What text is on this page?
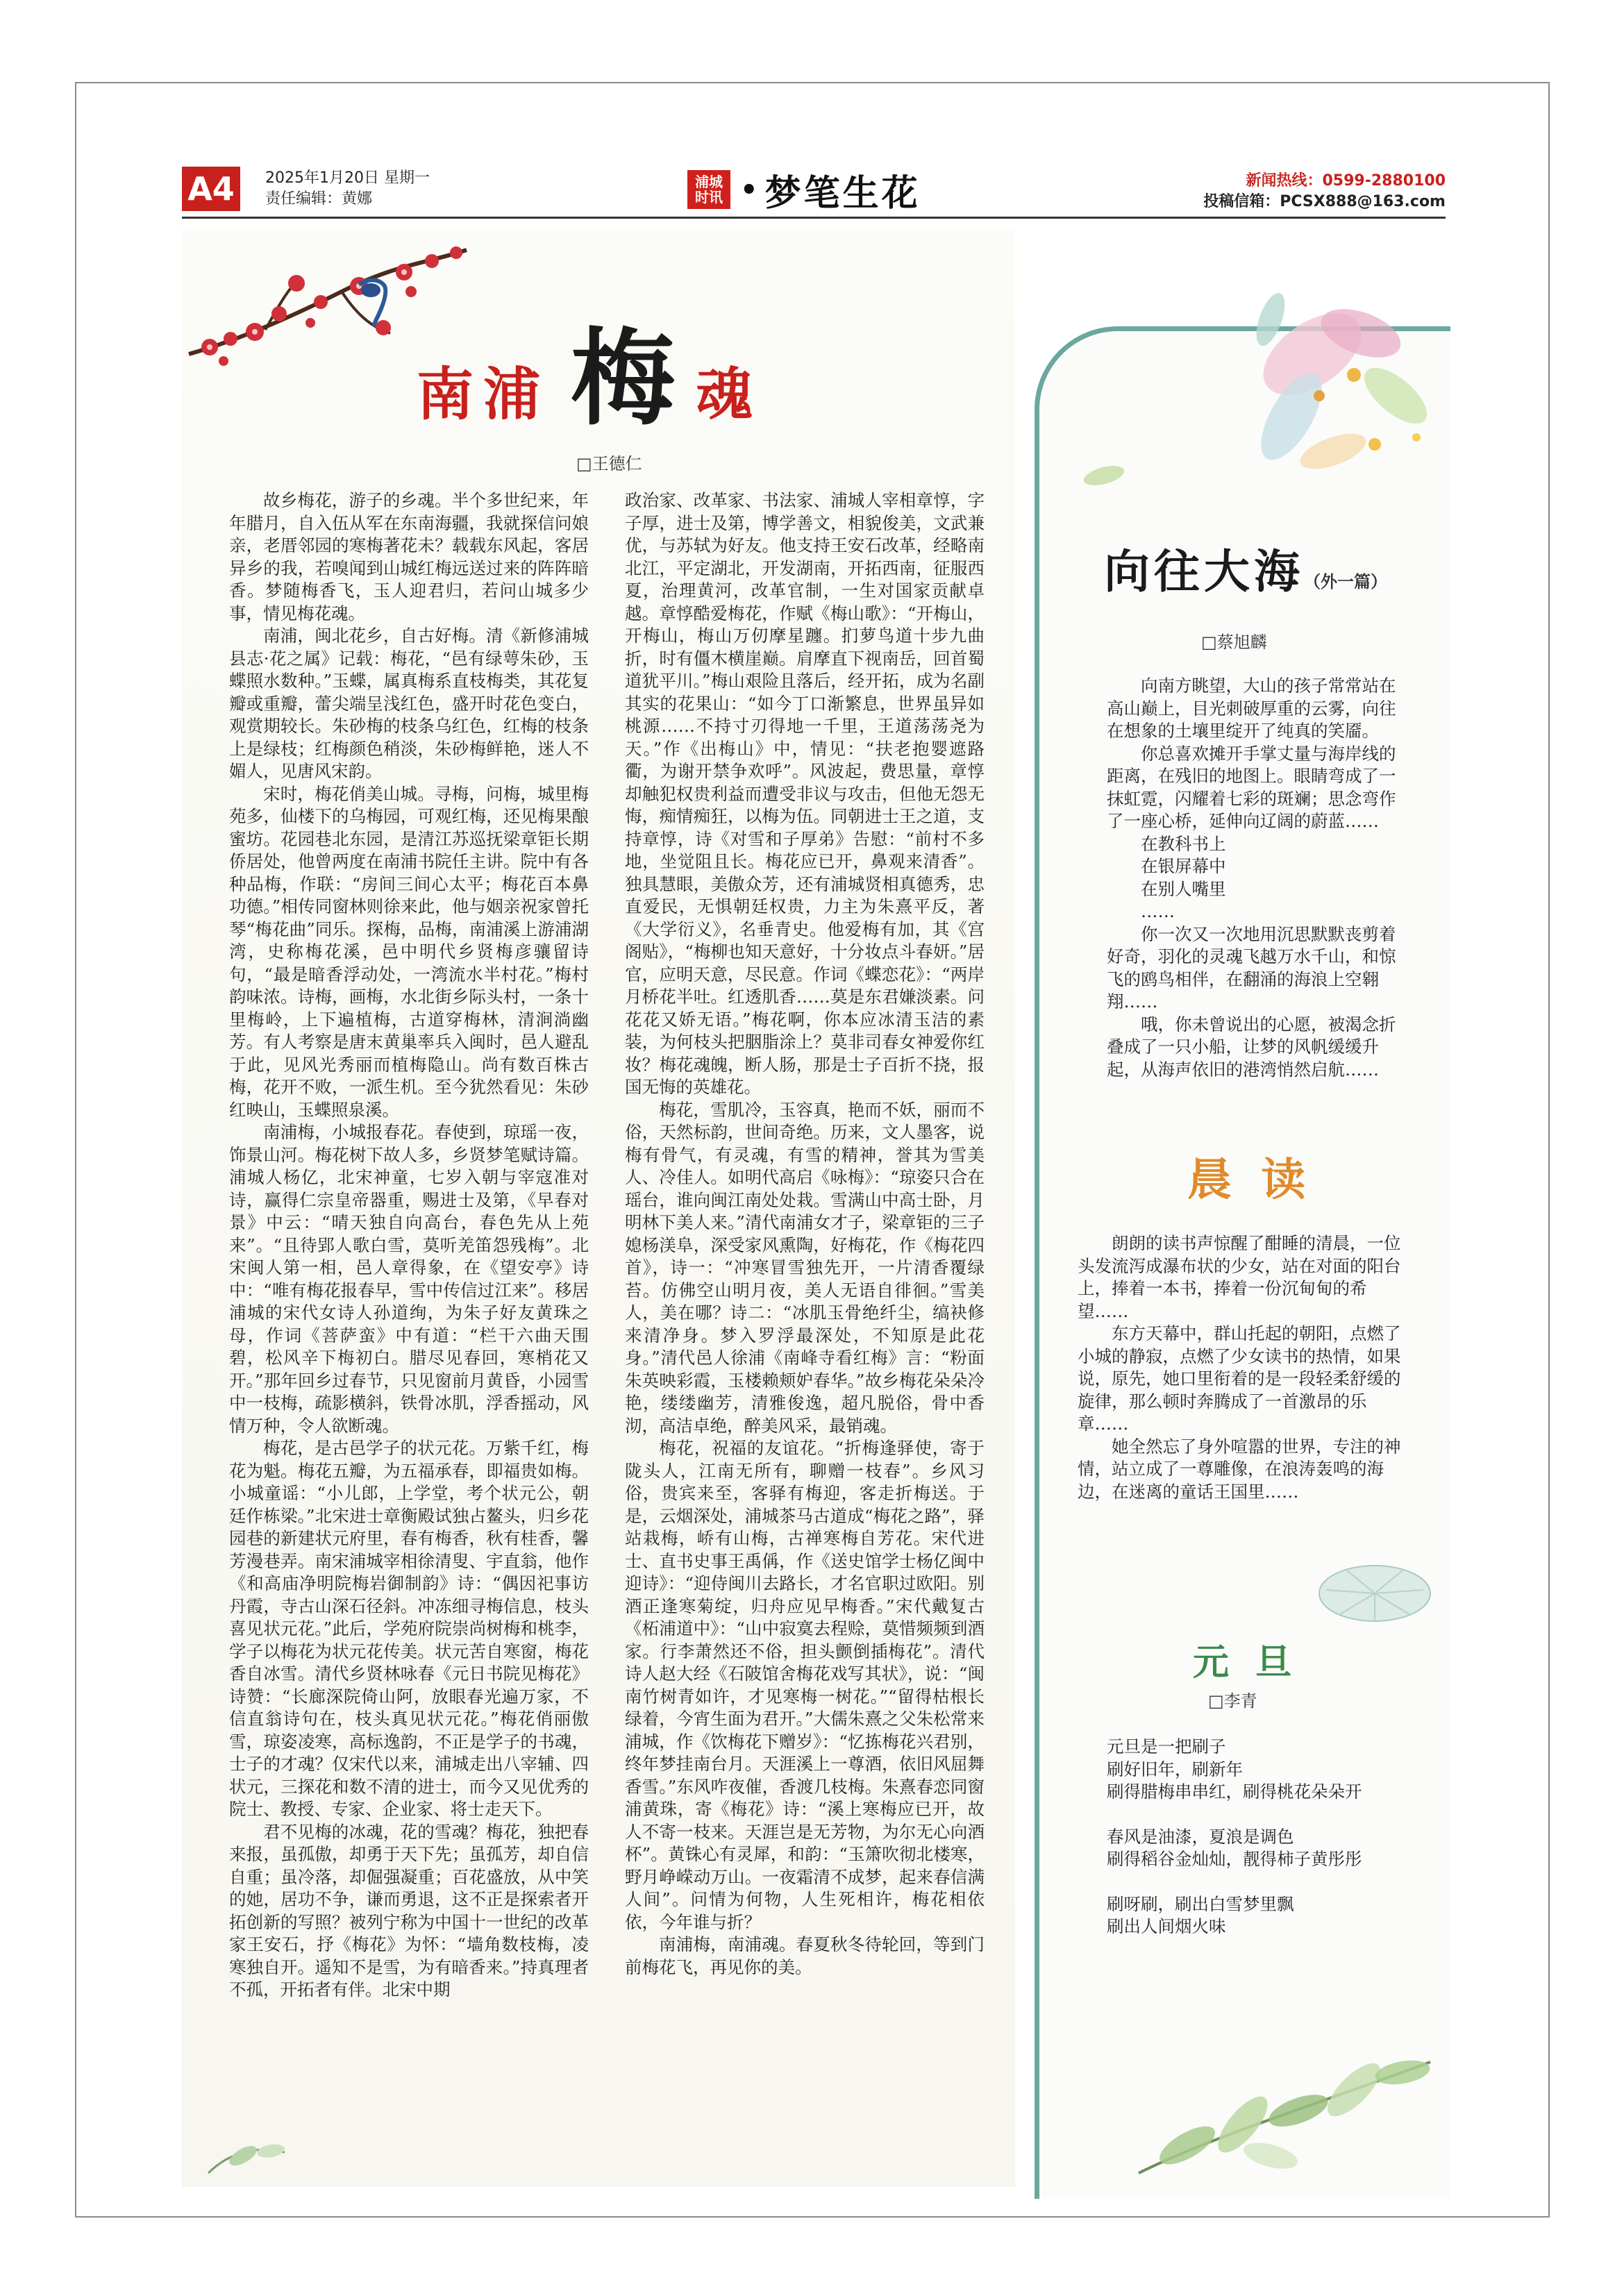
A4	2025年1月20日 星期一
责任编辑：黄娜
浦城
时讯 • 梦笔生花	新闻热线：0599-2880100
投稿信箱：PCSX888@163.com
南浦 梅 魂
□王德仁

故乡梅花，游子的乡魂。半个多世纪来，年年腊月，自入伍从军在东南海疆，我就探信问娘亲，老厝邻园的寒梅著花未？载载东风起，客居异乡的我，若嗅闻到山城红梅远送过来的阵阵暗香。梦随梅香飞，玉人迎君归，若问山城多少事，情见梅花魂。

南浦，闽北花乡，自古好梅。清《新修浦城县志·花之属》记载：梅花，“邑有绿萼朱砂，玉蝶照水数种。”玉蝶，属真梅系直枝梅类，其花复瓣或重瓣，蕾尖端呈浅红色，盛开时花色变白，观赏期较长。朱砂梅的枝条乌红色，红梅的枝条上是绿枝；红梅颜色稍淡，朱砂梅鲜艳，迷人不媚人，见唐风宋韵。

宋时，梅花俏美山城。寻梅，问梅，城里梅苑多，仙楼下的乌梅园，可观红梅，还见梅果酿蜜坊。花园巷北东园，是清江苏巡抚梁章钜长期侨居处，他曾两度在南浦书院任主讲。院中有各种品梅，作联：“房间三间心太平；梅花百本鼻功德。”相传同窗林则徐来此，他与姻亲祝家曾托琴“梅花曲”同乐。探梅，品梅，南浦溪上游浦湖湾，史称梅花溪，邑中明代乡贤梅彦骧留诗句，“最是暗香浮动处，一湾流水半村花。”梅村韵味浓。诗梅，画梅，水北街乡际头村，一条十里梅岭，上下遍植梅，古道穿梅林，清涧淌幽芳。有人考察是唐末黄巢率兵入闽时，邑人避乱于此，见风光秀丽而植梅隐山。尚有数百株古梅，花开不败，一派生机。至今犹然看见：朱砂红映山，玉蝶照泉溪。

南浦梅，小城报春花。春使到，琼瑶一夜，饰景山河。梅花树下故人多，乡贤梦笔赋诗篇。浦城人杨亿，北宋神童，七岁入朝与宰寇准对诗，赢得仁宗皇帝器重，赐进士及第，《早春对景》中云：“晴天独自向高台，春色先从上苑来”。“且待郢人歌白雪，莫听羌笛怨残梅”。北宋闽人第一相，邑人章得象，在《望安亭》诗中：“唯有梅花报春早，雪中传信过江来”。移居浦城的宋代女诗人孙道绚，为朱子好友黄珠之母，作词《菩萨蛮》中有道：“栏干六曲天围碧，松风辛下梅初白。腊尽见春回，寒梢花又开。”那年回乡过春节，只见窗前月黄昏，小园雪中一枝梅，疏影横斜，铁骨冰肌，浮香摇动，风情万种，令人欲断魂。

梅花，是古邑学子的状元花。万紫千红，梅花为魁。梅花五瓣，为五福承春，即福贵如梅。小城童谣：“小儿郎，上学堂，考个状元公，朝廷作栋梁。”北宋进士章衡殿试独占鳌头，归乡花园巷的新建状元府里，春有梅香，秋有桂香，馨芳漫巷弄。南宋浦城宰相徐清叟、宇直翁，他作《和高庙净明院梅岩御制韵》诗：“偶因祀事访丹霞，寺古山深石径斜。冲冻细寻梅信息，枝头喜见状元花。”此后，学苑府院崇尚树梅和桃李，学子以梅花为状元花传美。状元苦自寒窗，梅花香自冰雪。清代乡贤林咏春《元日书院见梅花》诗赞：“长廊深院倚山阿，放眼春光遍万家，不信直翁诗句在，枝头真见状元花。”梅花俏丽傲雪，琼姿凌寒，高标逸韵，不正是学子的书魂，士子的才魂？仅宋代以来，浦城走出八宰辅、四状元，三探花和数不清的进士，而今又见优秀的院士、教授、专家、企业家、将士走天下。

君不见梅的冰魂，花的雪魂？梅花，独把春来报，虽孤傲，却勇于天下先；虽孤芳，却自信自重；虽冷落，却倔强凝重；百花盛放，从中笑的她，居功不争，谦而勇退，这不正是探索者开拓创新的写照？被列宁称为中国十一世纪的改革家王安石，抒《梅花》为怀：“墙角数枝梅，凌寒独自开。遥知不是雪，为有暗香来。”持真理者不孤，开拓者有伴。北宋中期

政治家、改革家、书法家、浦城人宰相章惇，字子厚，进士及第，博学善文，相貌俊美，文武兼优，与苏轼为好友。他支持王安石改革，经略南北江，平定湖北，开发湖南，开拓西南，征服西夏，治理黄河，改革官制，一生对国家贡献卓越。章惇酷爱梅花，作赋《梅山歌》：“开梅山，开梅山，梅山万仞摩星躔。扪萝鸟道十步九曲折，时有僵木横崖巅。肩摩直下视南岳，回首蜀道犹平川。”梅山艰险且落后，经开拓，成为名副其实的花果山：“如今丁口渐繁息，世界虽异如桃源……不持寸刃得地一千里，王道荡荡尧为天。”作《出梅山》中，情见：“扶老抱婴遮路衢，为谢开禁争欢呼”。风波起，费思量，章惇却触犯权贵利益而遭受非议与攻击，但他无怨无悔，痴情痴狂，以梅为伍。同朝进士王之道，支持章惇，诗《对雪和子厚弟》告慰：“前村不多地，坐觉阻且长。梅花应已开，鼻观来清香”。独具慧眼，美傲众芳，还有浦城贤相真德秀，忠直爱民，无惧朝廷权贵，力主为朱熹平反，著《大学衍义》，名垂青史。他爱梅有加，其《宫阁贴》，“梅柳也知天意好，十分妆点斗春妍。”居官，应明天意，尽民意。作词《蝶恋花》：“两岸月桥花半吐。红透肌香……莫是东君嫌淡素。问花花又娇无语。”梅花啊，你本应冰清玉洁的素装，为何枝头把胭脂涂上？莫非司春女神爱你红妆？梅花魂魄，断人肠，那是士子百折不挠，报国无悔的英雄花。

梅花，雪肌冷，玉容真，艳而不妖，丽而不俗，天然标韵，世间奇绝。历来，文人墨客，说梅有骨气，有灵魂，有雪的精神，誉其为雪美人、冷佳人。如明代高启《咏梅》：“琼姿只合在瑶台，谁向闽江南处处栽。雪满山中高士卧，月明林下美人来。”清代南浦女才子，梁章钜的三子媳杨渼阜，深受家风熏陶，好梅花，作《梅花四首》，诗一：“冲寒冒雪独先开，一片清香覆绿苔。仿佛空山明月夜，美人无语自徘徊。”雪美人，美在哪？诗二：“冰肌玉骨绝纤尘，缟袂修来清净身。梦入罗浮最深处，不知原是此花身。”清代邑人徐浦《南峰寺看红梅》言：“粉面朱英映彩霞，玉楼赖颊妒春华。”故乡梅花朵朵冷艳，缕缕幽芳，清雅俊逸，超凡脱俗，骨中香沏，高洁卓绝，醉美风采，最销魂。

梅花，祝福的友谊花。“折梅逢驿使，寄于陇头人，江南无所有，聊赠一枝春”。乡风习俗，贵宾来至，客驿有梅迎，客走折梅送。于是，云烟深处，浦城茶马古道成“梅花之路”，驿站栽梅，峤有山梅，古禅寒梅自芳花。宋代进士、直书史事王禹偁，作《送史馆学士杨亿闽中迎诗》：“迎侍闽川去路长，才名官职过欧阳。别酒正逢寒菊绽，归舟应见早梅香。”宋代戴复古《柘浦道中》：“山中寂寞去程赊，莫惜频频到酒家。行李萧然还不俗，担头颤倒插梅花”。清代诗人赵大经《石陂馆舍梅花戏写其状》，说：“闽南竹树青如许，才见寒梅一树花。”“留得枯根长绿着，今宵生面为君开。”大儒朱熹之父朱松常来浦城，作《饮梅花下赠岁》：“忆拣梅花兴君别，终年梦挂南台月。天涯溪上一尊酒，依旧风屈舞香雪。”东风咋夜催，香渡几枝梅。朱熹春恋同窗浦黄珠，寄《梅花》诗：“溪上寒梅应已开，故人不寄一枝来。天涯岂是无芳物，为尔无心向酒杯”。黄铢心有灵犀，和韵：“玉箫吹彻北楼寒，野月峥嵘动万山。一夜霜清不成梦，起来春信满人间”。问情为何物，人生死相许，梅花相依依，今年谁与折？

南浦梅，南浦魂。春夏秋冬待轮回，等到门前梅花飞，再见你的美。

向往大海（外一篇）
□蔡旭麟

向南方眺望，大山的孩子常常站在高山巅上，目光刺破厚重的云雾，向往在想象的土壤里绽开了纯真的笑靥。

你总喜欢摊开手掌丈量与海岸线的距离，在残旧的地图上。眼睛弯成了一抹虹霓，闪耀着七彩的斑斓；思念弯作了一座心桥，延伸向辽阔的蔚蓝……

在教科书上
在银屏幕中
在别人嘴里
……

你一次又一次地用沉思默默丧剪着好奇，羽化的灵魂飞越万水千山，和惊飞的鸥鸟相伴，在翻涌的海浪上空翱翔……

哦，你未曾说出的心愿，被渴念折叠成了一只小船，让梦的风帆缓缓升起，从海声依旧的港湾悄然启航……

晨 读

朗朗的读书声惊醒了酣睡的清晨，一位头发流泻成瀑布状的少女，站在对面的阳台上，捧着一本书，捧着一份沉甸甸的希望……

东方天幕中，群山托起的朝阳，点燃了小城的静寂，点燃了少女读书的热情，如果说，原先，她口里衔着的是一段轻柔舒缓的旋律，那么顿时奔腾成了一首激昂的乐章……

她全然忘了身外喧嚣的世界，专注的神情，站立成了一尊雕像，在浪涛轰鸣的海边，在迷离的童话王国里……

元 旦
□李青
元旦是一把刷子
刷好旧年，刷新年
刷得腊梅串串红，刷得桃花朵朵开
春风是油漆，夏浪是调色
刷得稻谷金灿灿，靓得柿子黄彤彤
刷呀刷，刷出白雪梦里飘
刷出人间烟火味
